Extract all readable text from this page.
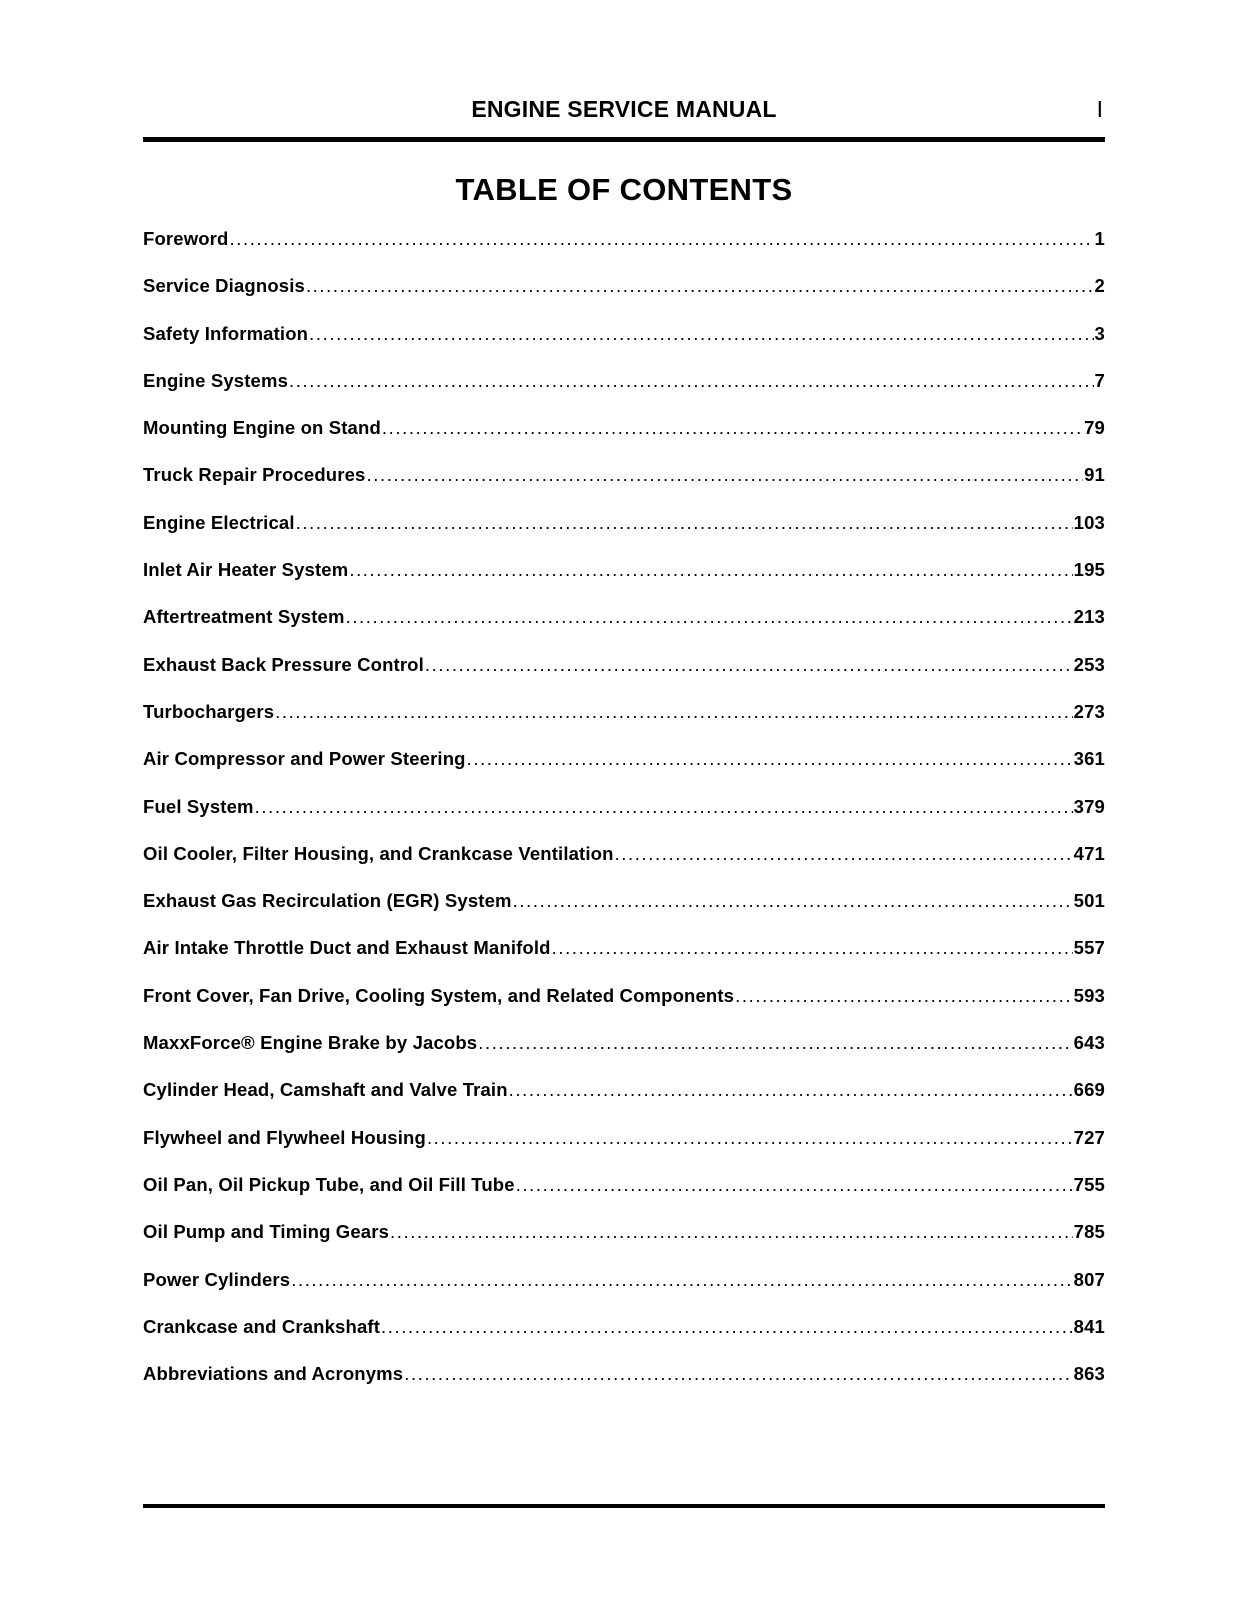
ENGINE SERVICE MANUAL	I
TABLE OF CONTENTS
Foreword .....	1
Service Diagnosis .....	2
Safety Information .....	3
Engine Systems .....	7
Mounting Engine on Stand .....	79
Truck Repair Procedures .....	91
Engine Electrical .....	103
Inlet Air Heater System .....	195
Aftertreatment System .....	213
Exhaust Back Pressure Control .....	253
Turbochargers .....	273
Air Compressor and Power Steering .....	361
Fuel System .....	379
Oil Cooler, Filter Housing, and Crankcase Ventilation .....	471
Exhaust Gas Recirculation (EGR) System .....	501
Air Intake Throttle Duct and Exhaust Manifold .....	557
Front Cover, Fan Drive, Cooling System, and Related Components .....	593
MaxxForce® Engine Brake by Jacobs .....	643
Cylinder Head, Camshaft and Valve Train .....	669
Flywheel and Flywheel Housing .....	727
Oil Pan, Oil Pickup Tube, and Oil Fill Tube .....	755
Oil Pump and Timing Gears .....	785
Power Cylinders .....	807
Crankcase and Crankshaft .....	841
Abbreviations and Acronyms .....	863
